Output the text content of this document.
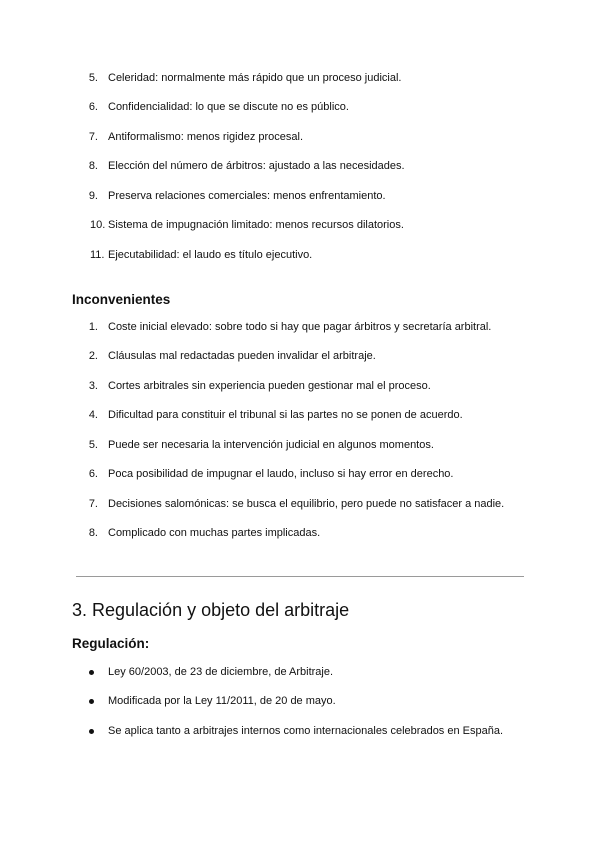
5. Celeridad: normalmente más rápido que un proceso judicial.
6. Confidencialidad: lo que se discute no es público.
7. Antiformalismo: menos rigidez procesal.
8. Elección del número de árbitros: ajustado a las necesidades.
9. Preserva relaciones comerciales: menos enfrentamiento.
10. Sistema de impugnación limitado: menos recursos dilatorios.
11. Ejecutabilidad: el laudo es título ejecutivo.
Inconvenientes
1. Coste inicial elevado: sobre todo si hay que pagar árbitros y secretaría arbitral.
2. Cláusulas mal redactadas pueden invalidar el arbitraje.
3. Cortes arbitrales sin experiencia pueden gestionar mal el proceso.
4. Dificultad para constituir el tribunal si las partes no se ponen de acuerdo.
5. Puede ser necesaria la intervención judicial en algunos momentos.
6. Poca posibilidad de impugnar el laudo, incluso si hay error en derecho.
7. Decisiones salomónicas: se busca el equilibrio, pero puede no satisfacer a nadie.
8. Complicado con muchas partes implicadas.
3. Regulación y objeto del arbitraje
Regulación:
Ley 60/2003, de 23 de diciembre, de Arbitraje.
Modificada por la Ley 11/2011, de 20 de mayo.
Se aplica tanto a arbitrajes internos como internacionales celebrados en España.
